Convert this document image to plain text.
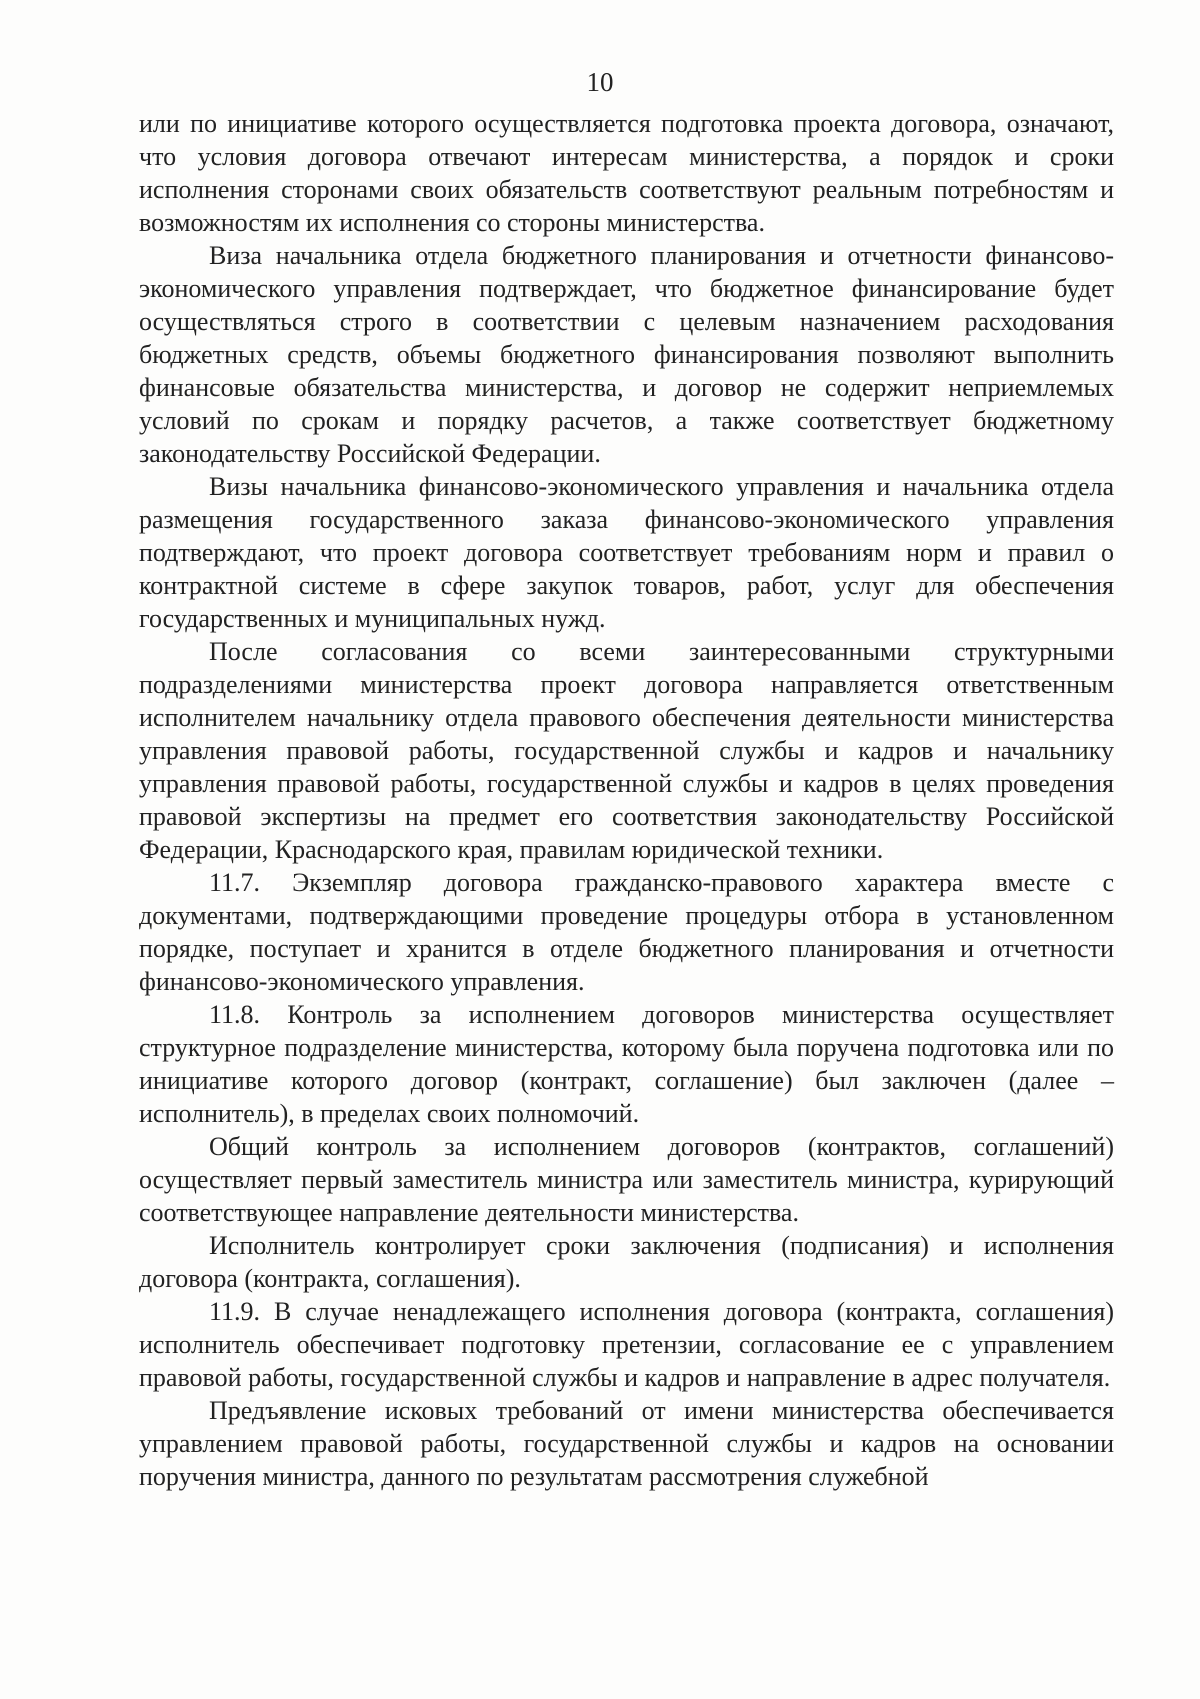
10

или по инициативе которого осуществляется подготовка проекта договора, означают, что условия договора отвечают интересам министерства, а порядок и сроки исполнения сторонами своих обязательств соответствуют реальным потребностям и возможностям их исполнения со стороны министерства.

Виза начальника отдела бюджетного планирования и отчетности финансово-экономического управления подтверждает, что бюджетное финансирование будет осуществляться строго в соответствии с целевым назначением расходования бюджетных средств, объемы бюджетного финансирования позволяют выполнить финансовые обязательства министерства, и договор не содержит неприемлемых условий по срокам и порядку расчетов, а также соответствует бюджетному законодательству Российской Федерации.

Визы начальника финансово-экономического управления и начальника отдела размещения государственного заказа финансово-экономического управления подтверждают, что проект договора соответствует требованиям норм и правил о контрактной системе в сфере закупок товаров, работ, услуг для обеспечения государственных и муниципальных нужд.

После согласования со всеми заинтересованными структурными подразделениями министерства проект договора направляется ответственным исполнителем начальнику отдела правового обеспечения деятельности министерства управления правовой работы, государственной службы и кадров и начальнику управления правовой работы, государственной службы и кадров в целях проведения правовой экспертизы на предмет его соответствия законодательству Российской Федерации, Краснодарского края, правилам юридической техники.

11.7. Экземпляр договора гражданско-правового характера вместе с документами, подтверждающими проведение процедуры отбора в установленном порядке, поступает и хранится в отделе бюджетного планирования и отчетности финансово-экономического управления.

11.8. Контроль за исполнением договоров министерства осуществляет структурное подразделение министерства, которому была поручена подготовка или по инициативе которого договор (контракт, соглашение) был заключен (далее – исполнитель), в пределах своих полномочий.

Общий контроль за исполнением договоров (контрактов, соглашений) осуществляет первый заместитель министра или заместитель министра, курирующий соответствующее направление деятельности министерства.

Исполнитель контролирует сроки заключения (подписания) и исполнения договора (контракта, соглашения).

11.9. В случае ненадлежащего исполнения договора (контракта, соглашения) исполнитель обеспечивает подготовку претензии, согласование ее с управлением правовой работы, государственной службы и кадров и направление в адрес получателя.

Предъявление исковых требований от имени министерства обеспечивается управлением правовой работы, государственной службы и кадров на основании поручения министра, данного по результатам рассмотрения служебной
